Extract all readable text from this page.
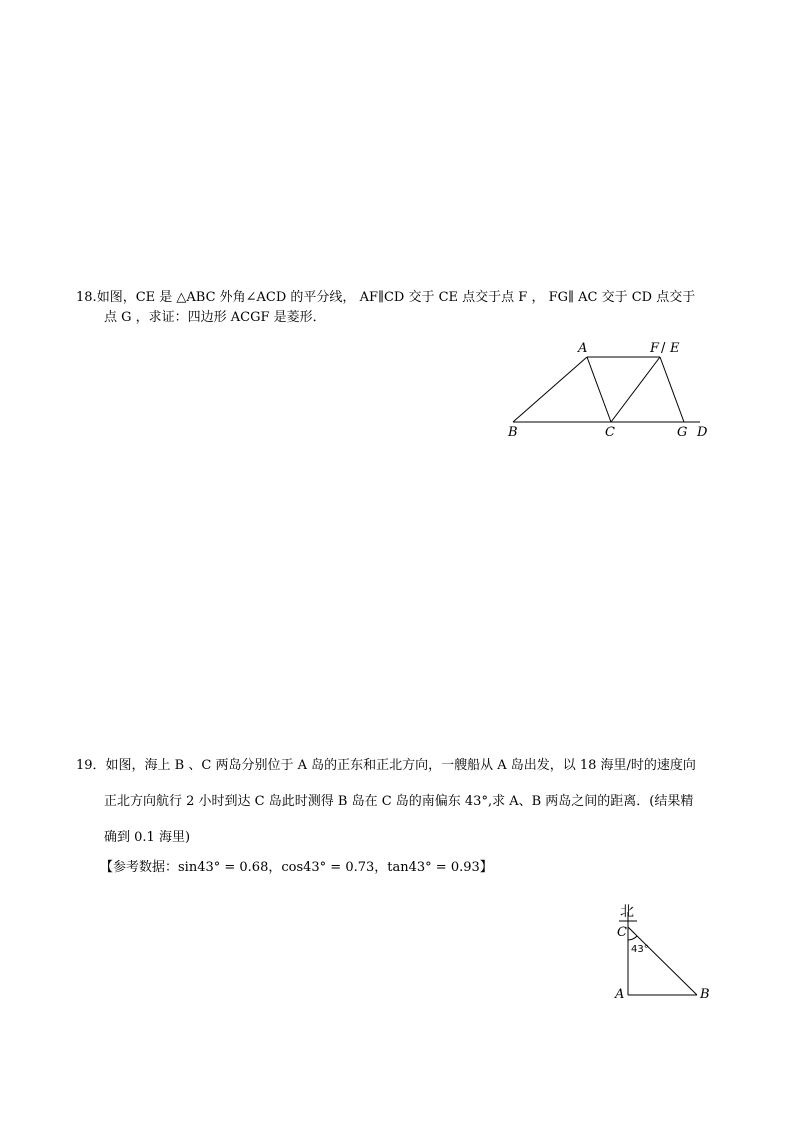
18.如图，CE 是 △ABC 外角∠ACD 的平分线， AF∥CD 交于 CE 点交于点 F ， FG∥ AC 交于 CD 点交于
点 G ，求证：四边形 ACGF 是菱形．
A	F / E
B	C	G D
19．如图，海上 B 、C 两岛分别位于 A 岛的正东和正北方向，一艘船从 A 岛出发，以 18 海里/时的速度向
正北方向航行 2 小时到达 C 岛此时测得 B 岛在 C 岛的南偏东 43°,求 A、B 两岛之间的距离．(结果精
确到 0.1 海里)
【参考数据：sin43° = 0.68，cos43° = 0.73，tan43° = 0.93】
北
C
43°
A	B
